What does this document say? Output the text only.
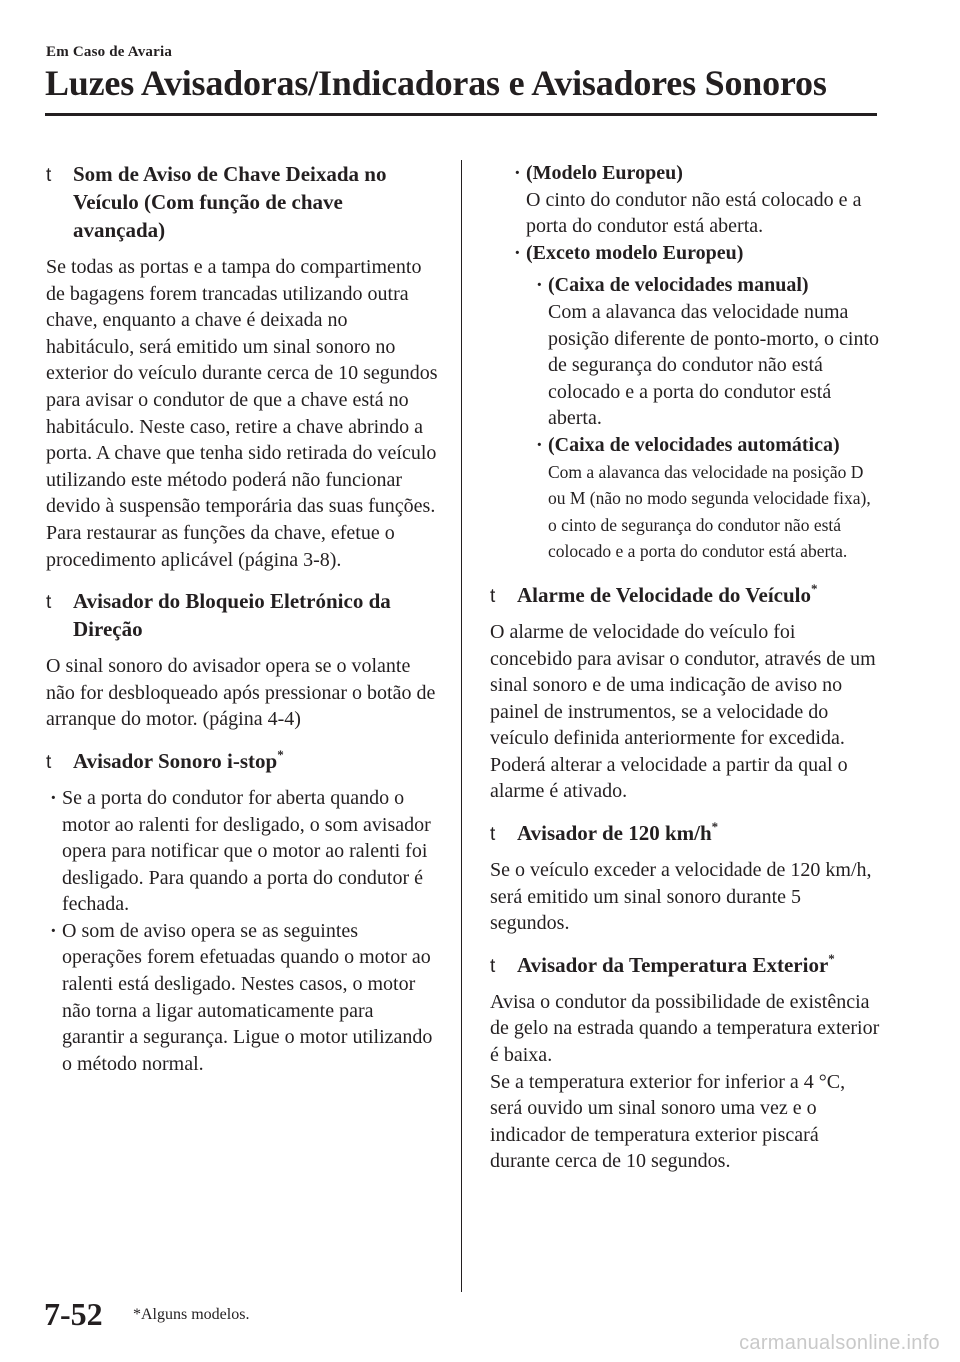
Em Caso de Avaria
Luzes Avisadoras/Indicadoras e Avisadores Sonoros
t Som de Aviso de Chave Deixada no Veículo (Com função de chave avançada)
Se todas as portas e a tampa do compartimento de bagagens forem trancadas utilizando outra chave, enquanto a chave é deixada no habitáculo, será emitido um sinal sonoro no exterior do veículo durante cerca de 10 segundos para avisar o condutor de que a chave está no habitáculo. Neste caso, retire a chave abrindo a porta. A chave que tenha sido retirada do veículo utilizando este método poderá não funcionar devido à suspensão temporária das suas funções. Para restaurar as funções da chave, efetue o procedimento aplicável (página 3-8).
t Avisador do Bloqueio Eletrónico da Direção
O sinal sonoro do avisador opera se o volante não for desbloqueado após pressionar o botão de arranque do motor. (página 4-4)
t Avisador Sonoro i-stop*
· Se a porta do condutor for aberta quando o motor ao ralenti for desligado, o som avisador opera para notificar que o motor ao ralenti foi desligado. Para quando a porta do condutor é fechada.
· O som de aviso opera se as seguintes operações forem efetuadas quando o motor ao ralenti está desligado. Nestes casos, o motor não torna a ligar automaticamente para garantir a segurança. Ligue o motor utilizando o método normal.
· (Modelo Europeu)
O cinto do condutor não está colocado e a porta do condutor está aberta.
· (Exceto modelo Europeu)
· (Caixa de velocidades manual)
Com a alavanca das velocidade numa posição diferente de ponto-morto, o cinto de segurança do condutor não está colocado e a porta do condutor está aberta.
· (Caixa de velocidades automática)
Com a alavanca das velocidade na posição D ou M (não no modo segunda velocidade fixa), o cinto de segurança do condutor não está colocado e a porta do condutor está aberta.
t Alarme de Velocidade do Veículo*
O alarme de velocidade do veículo foi concebido para avisar o condutor, através de um sinal sonoro e de uma indicação de aviso no painel de instrumentos, se a velocidade do veículo definida anteriormente for excedida.
Poderá alterar a velocidade a partir da qual o alarme é ativado.
t Avisador de 120 km/h*
Se o veículo exceder a velocidade de 120 km/h, será emitido um sinal sonoro durante 5 segundos.
t Avisador da Temperatura Exterior*
Avisa o condutor da possibilidade de existência de gelo na estrada quando a temperatura exterior é baixa.
Se a temperatura exterior for inferior a 4 °C, será ouvido um sinal sonoro uma vez e o indicador de temperatura exterior piscará durante cerca de 10 segundos.
7-52 *Alguns modelos.
carmanualsonline.info
